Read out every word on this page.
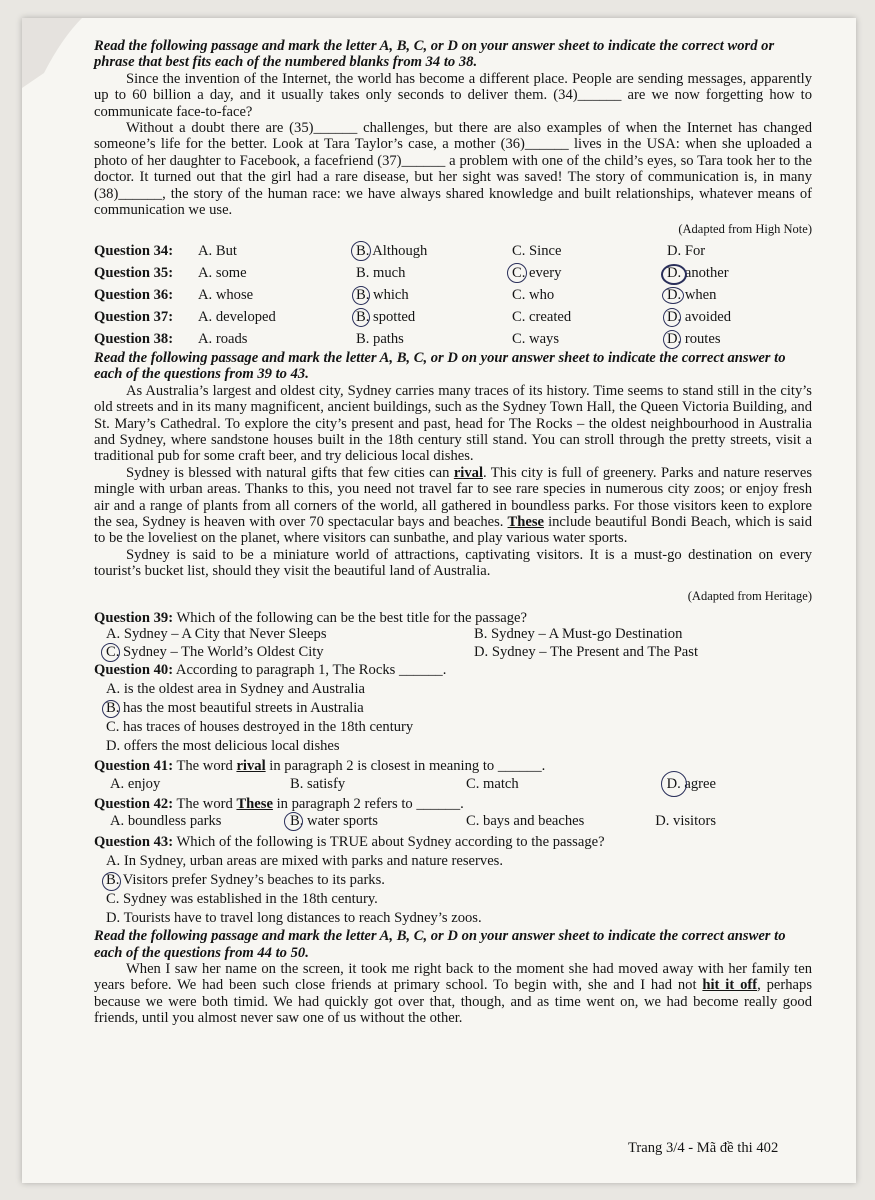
Read the following passage and mark the letter A, B, C, or D on your answer sheet to indicate the correct word or phrase that best fits each of the numbered blanks from 34 to 38.

Since the invention of the Internet, the world has become a different place. People are sending messages, apparently up to 60 billion a day, and it usually takes only seconds to deliver them. (34)______ are we now forgetting how to communicate face-to-face?

Without a doubt there are (35)______ challenges, but there are also examples of when the Internet has changed someone’s life for the better. Look at Tara Taylor’s case, a mother (36)______ lives in the USA: when she uploaded a photo of her daughter to Facebook, a facefriend (37)______ a problem with one of the child’s eyes, so Tara took her to the doctor. It turned out that the girl had a rare disease, but her sight was saved! The story of communication is, in many (38)______, the story of the human race: we have always shared knowledge and built relationships, whatever means of communication we use.

(Adapted from High Note)
Question 34:	A. But	B. Although	C. Since	D. For
Question 35:	A. some	B. much	C. every	D. another
Question 36:	A. whose	B. which	C. who	D. when
Question 37:	A. developed	B. spotted	C. created	D. avoided
Question 38:	A. roads	B. paths	C. ways	D. routes
Read the following passage and mark the letter A, B, C, or D on your answer sheet to indicate the correct answer to each of the questions from 39 to 43.

As Australia’s largest and oldest city, Sydney carries many traces of its history. Time seems to stand still in the city’s old streets and in its many magnificent, ancient buildings, such as the Sydney Town Hall, the Queen Victoria Building, and St. Mary’s Cathedral. To explore the city’s present and past, head for The Rocks – the oldest neighbourhood in Australia and Sydney, where sandstone houses built in the 18th century still stand. You can stroll through the pretty streets, visit a traditional pub for some craft beer, and try delicious local dishes.

Sydney is blessed with natural gifts that few cities can rival. This city is full of greenery. Parks and nature reserves mingle with urban areas. Thanks to this, you need not travel far to see rare species in numerous city zoos; or enjoy fresh air and a range of plants from all corners of the world, all gathered in boundless parks. For those visitors keen to explore the sea, Sydney is heaven with over 70 spectacular bays and beaches. These include beautiful Bondi Beach, which is said to be the loveliest on the planet, where visitors can sunbathe, and play various water sports.

Sydney is said to be a miniature world of attractions, captivating visitors. It is a must-go destination on every tourist’s bucket list, should they visit the beautiful land of Australia.

(Adapted from Heritage)
Question 39: Which of the following can be the best title for the passage?
A. Sydney – A City that Never Sleeps	B. Sydney – A Must-go Destination
C. Sydney – The World’s Oldest City	D. Sydney – The Present and The Past
Question 40: According to paragraph 1, The Rocks ______.
A. is the oldest area in Sydney and Australia
B. has the most beautiful streets in Australia
C. has traces of houses destroyed in the 18th century
D. offers the most delicious local dishes
Question 41: The word rival in paragraph 2 is closest in meaning to ______.
A. enjoy	B. satisfy	C. match	D. agree
Question 42: The word These in paragraph 2 refers to ______.
A. boundless parks	B. water sports	C. bays and beaches	D. visitors
Question 43: Which of the following is TRUE about Sydney according to the passage?
A. In Sydney, urban areas are mixed with parks and nature reserves.
B. Visitors prefer Sydney’s beaches to its parks.
C. Sydney was established in the 18th century.
D. Tourists have to travel long distances to reach Sydney’s zoos.
Read the following passage and mark the letter A, B, C, or D on your answer sheet to indicate the correct answer to each of the questions from 44 to 50.

When I saw her name on the screen, it took me right back to the moment she had moved away with her family ten years before. We had been such close friends at primary school. To begin with, she and I had not hit it off, perhaps because we were both timid. We had quickly got over that, though, and as time went on, we had become really good friends, until you almost never saw one of us without the other.

Trang 3/4 - Mã đề thi 402
